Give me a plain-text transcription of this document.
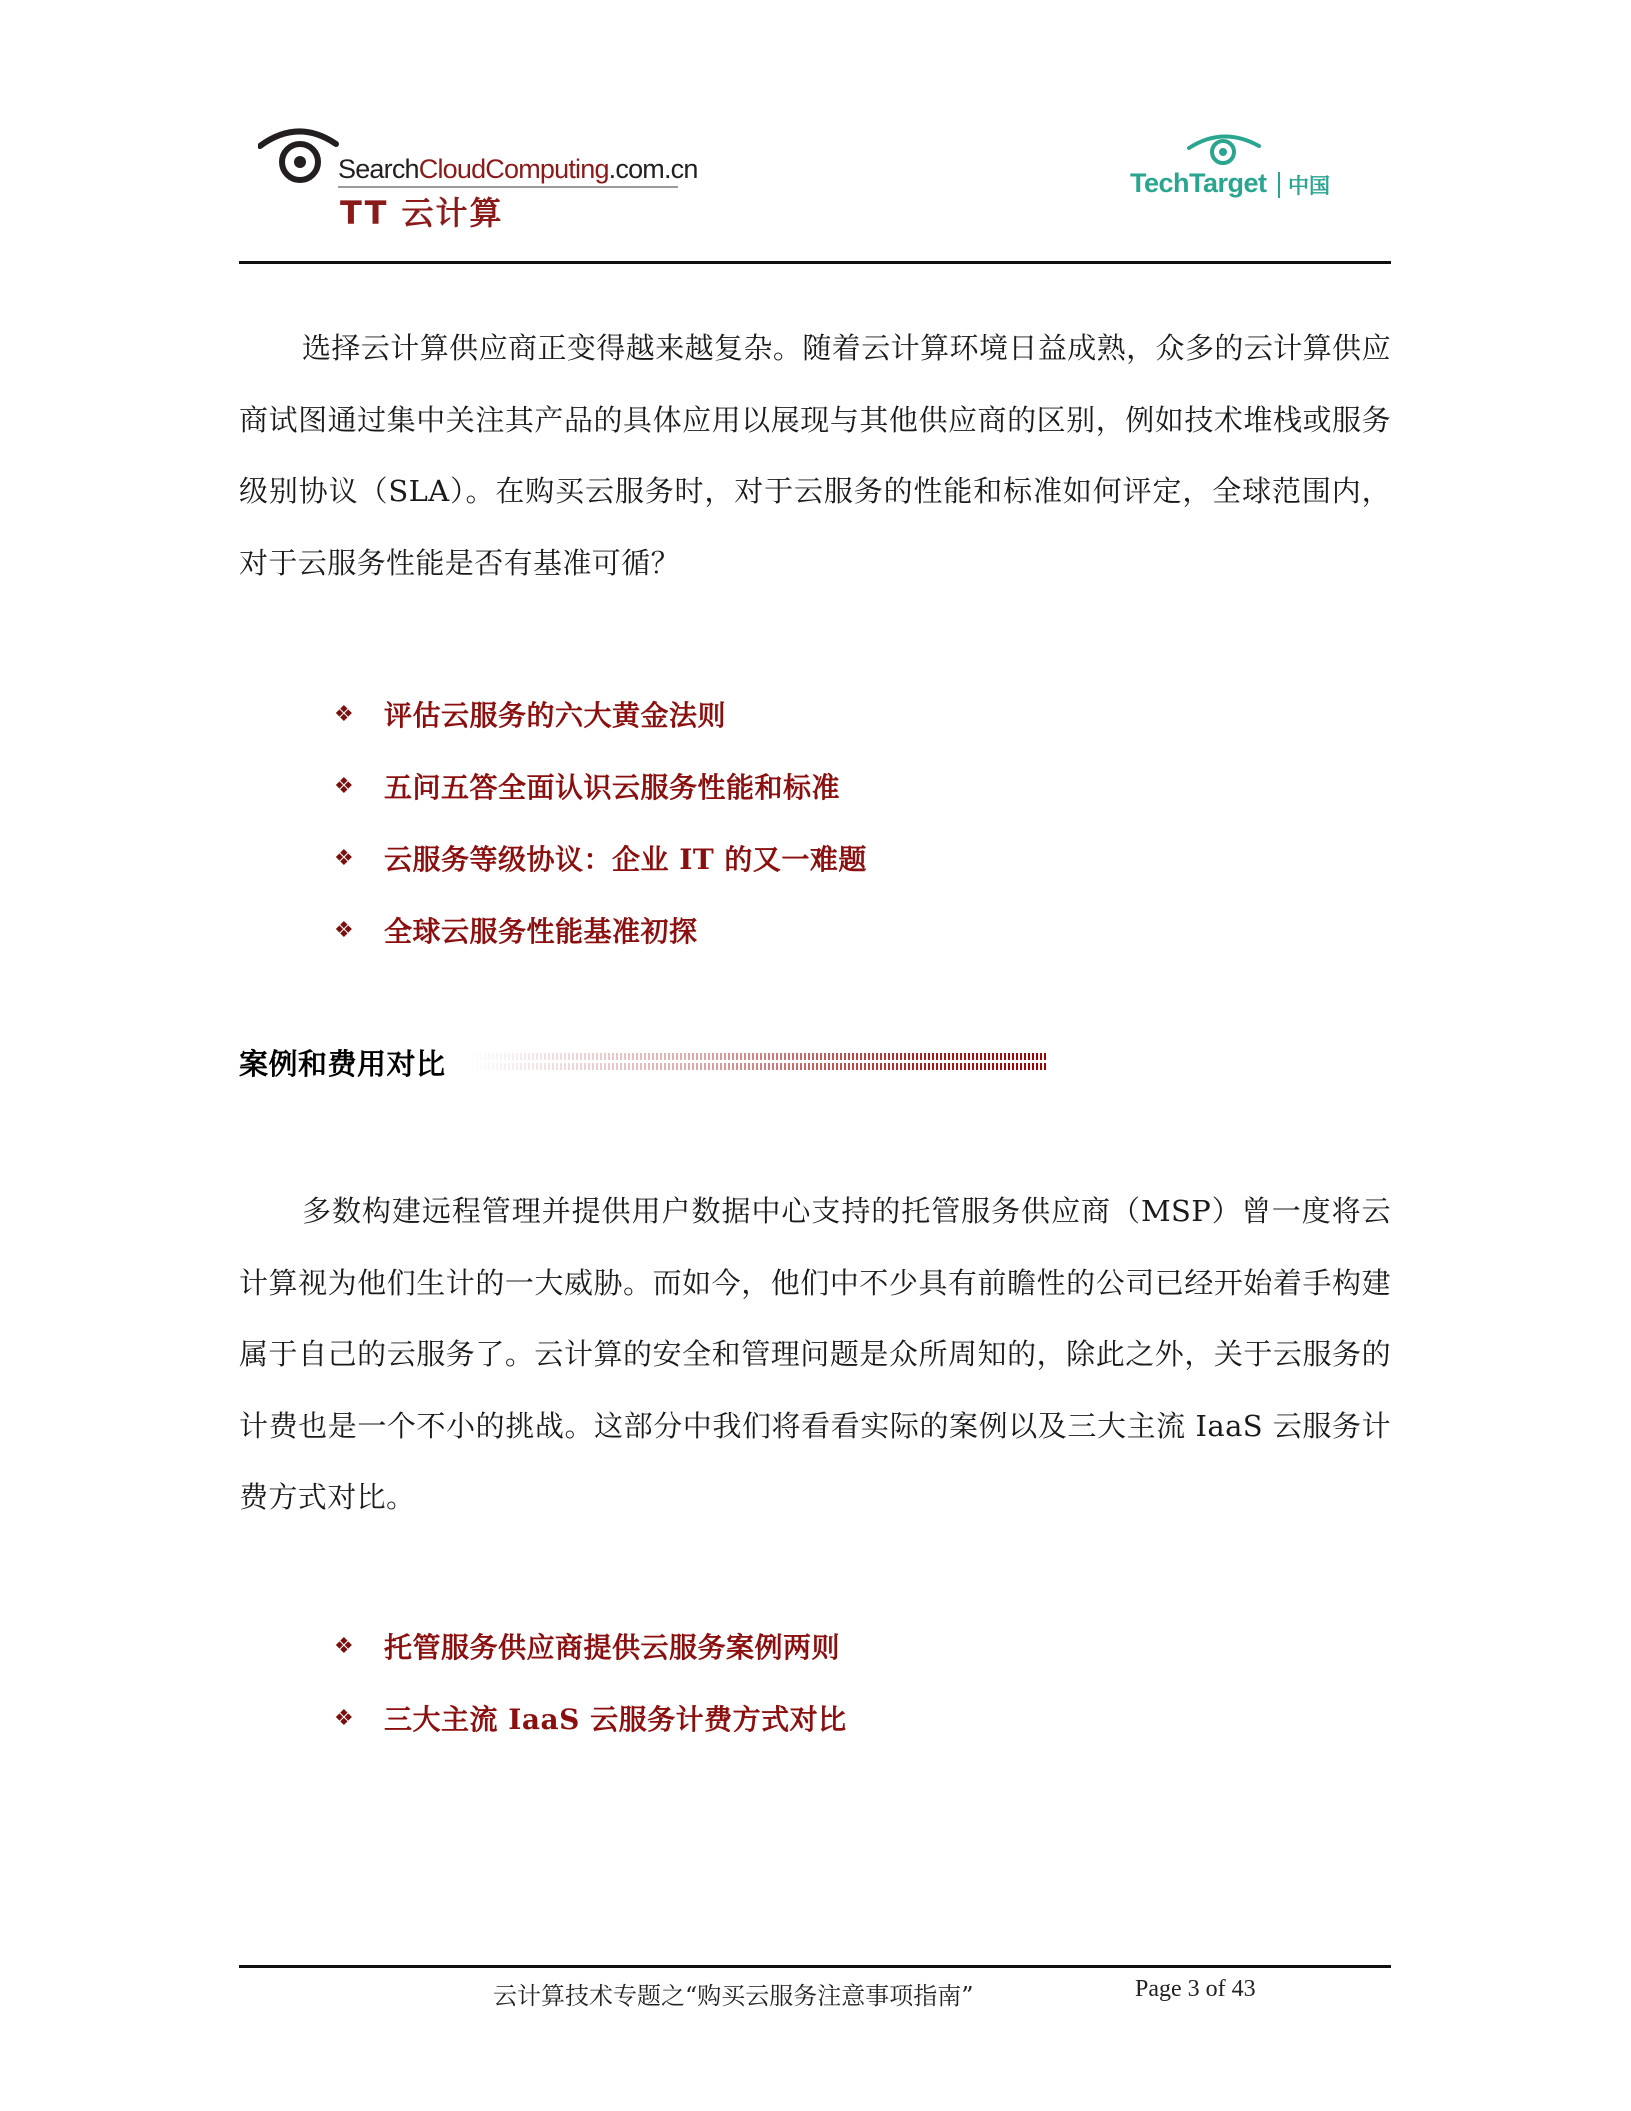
SearchCloudComputing.com.cn
TT 云计算
TechTarget 中国

选择云计算供应商正变得越来越复杂。随着云计算环境日益成熟，众多的云计算供应商试图通过集中关注其产品的具体应用以展现与其他供应商的区别，例如技术堆栈或服务级别协议（SLA）。在购买云服务时，对于云服务的性能和标准如何评定，全球范围内，对于云服务性能是否有基准可循？

❖	评估云服务的六大黄金法则
❖	五问五答全面认识云服务性能和标准
❖	云服务等级协议：企业 IT 的又一难题
❖	全球云服务性能基准初探
案例和费用对比

多数构建远程管理并提供用户数据中心支持的托管服务供应商（MSP）曾一度将云计算视为他们生计的一大威胁。而如今，他们中不少具有前瞻性的公司已经开始着手构建属于自己的云服务了。云计算的安全和管理问题是众所周知的，除此之外，关于云服务的计费也是一个不小的挑战。这部分中我们将看看实际的案例以及三大主流 IaaS 云服务计费方式对比。

❖	托管服务供应商提供云服务案例两则
❖	三大主流 IaaS 云服务计费方式对比
云计算技术专题之“购买云服务注意事项指南”	Page 3 of 43
